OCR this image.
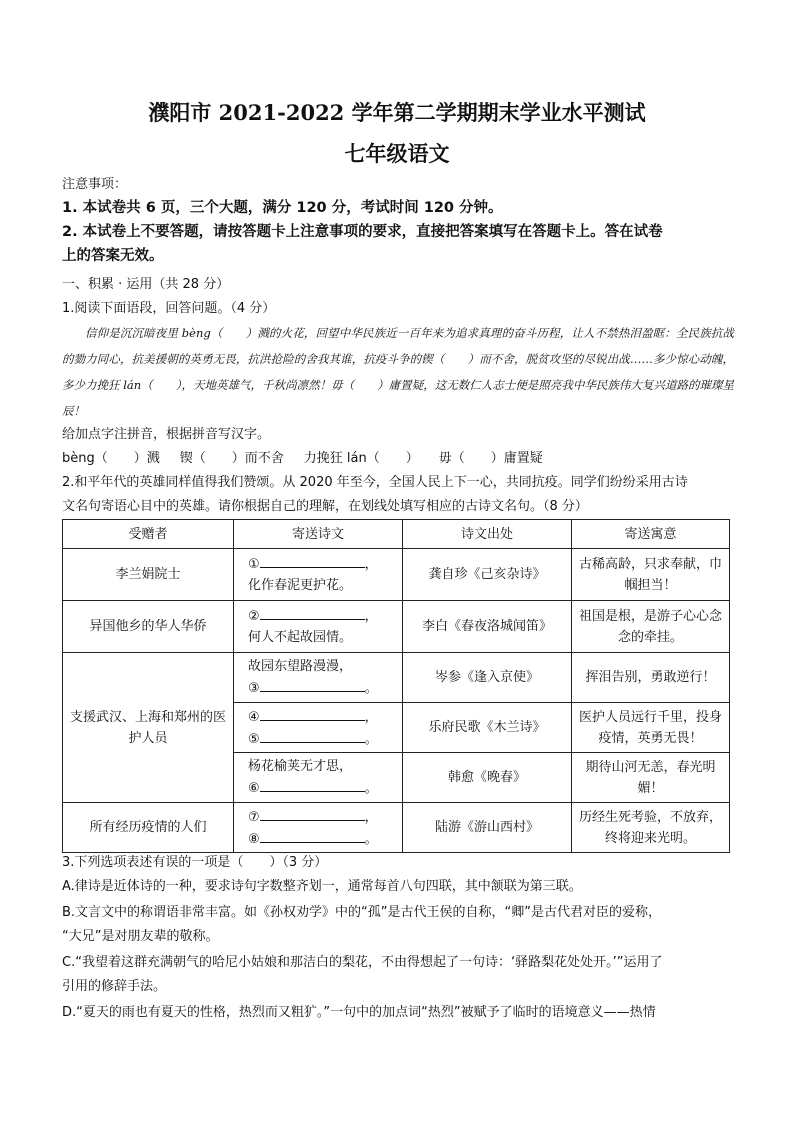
濮阳市 2021-2022 学年第二学期期末学业水平测试
七年级语文
注意事项：
1. 本试卷共 6 页，三个大题，满分 120 分，考试时间 120 分钟。
2. 本试卷上不要答题，请按答题卡上注意事项的要求，直接把答案填写在答题卡上。答在试卷
上的答案无效。
一、积累 · 运用（共 28 分）
1.阅读下面语段，回答问题。（4 分）
信仰是沉沉暗夜里 bèng（　　）溅的火花，回望中华民族近一百年来为追求真理的奋斗历程，让人不禁热泪盈眶：全民族抗战的勠力同心，抗美援朝的英勇无畏，抗洪抢险的舍我其谁，抗疫斗争的锲（　　）而不舍，脱贫攻坚的尽锐出战……多少惊心动魄，多少力挽狂 lán（　　），天地英雄气，千秋尚凛然！毋（　　）庸置疑，这无数仁人志士便是照亮我中华民族伟大复兴道路的璀璨星辰！
给加点字注拼音，根据拼音写汉字。
bèng（　　）溅 锲（　　）而不舍 力挽狂 lán（　　） 毋（　　）庸置疑
2.和平年代的英雄同样值得我们赞颂。从 2020 年至今，全国人民上下一心，共同抗疫。同学们纷纷采用古诗
文名句寄语心目中的英雄。请你根据自己的理解，在划线处填写相应的古诗文名句。（8 分）
受赠者	寄送诗文	诗文出处	寄送寓意
李兰娟院士	① ，
化作春泥更护花。	龚自珍《己亥杂诗》	古稀高龄，只求奉献，巾帼担当！
异国他乡的华人华侨	② ，
何人不起故园情。	李白《春夜洛城闻笛》	祖国是根，是游子心心念念的牵挂。
支援武汉、上海和郑州的医护人员	故园东望路漫漫，
③ 。	岑参《逢入京使》	挥泪告别，勇敢逆行！

	④ ，
⑤ 。	乐府民歌《木兰诗》	医护人员远行千里，投身疫情，英勇无畏！

	杨花榆荚无才思，
⑥ 。	韩愈《晚春》	期待山河无恙，春光明媚！
所有经历疫情的人们	⑦ ，
⑧ 。	陆游《游山西村》	历经生死考验，不放弃，终将迎来光明。
3.下列选项表述有误的一项是（　　）（3 分）
A.律诗是近体诗的一种，要求诗句字数整齐划一，通常每首八句四联，其中颔联为第三联。
B.文言文中的称谓语非常丰富。如《孙权劝学》中的“孤”是古代王侯的自称，“卿”是古代君对臣的爱称，
“大兄”是对朋友辈的敬称。
C.“我望着这群充满朝气的哈尼小姑娘和那洁白的梨花，不由得想起了一句诗：‘驿路梨花处处开。’”运用了
引用的修辞手法。
D.“夏天的雨也有夏天的性格，热烈而又粗犷。”一句中的加点词“热烈”被赋予了临时的语境意义——热情
